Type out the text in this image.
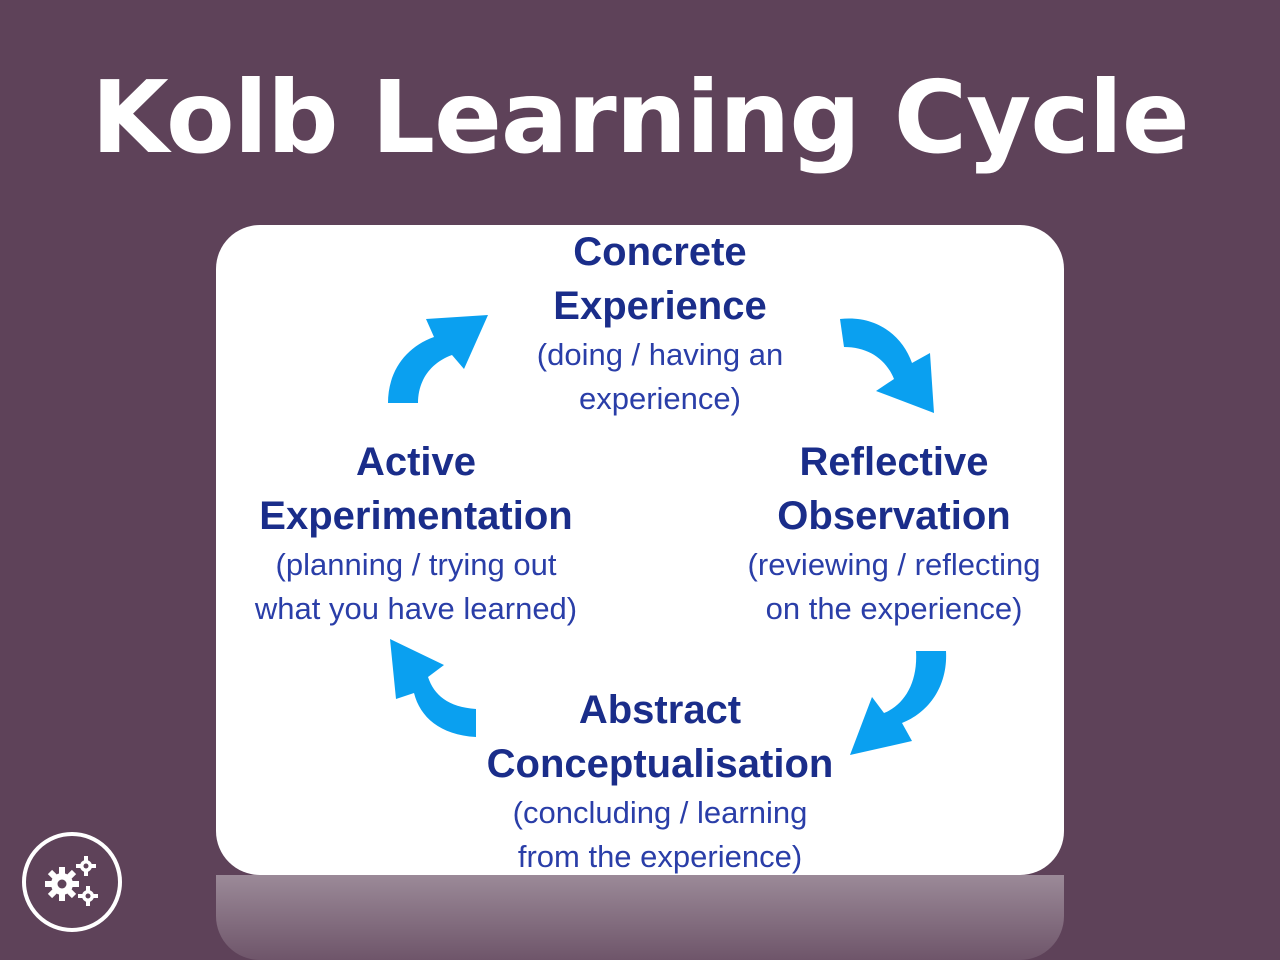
Kolb Learning Cycle
Concrete
Experience
(doing / having an
experience)
Reflective
Observation
(reviewing / reflecting
on the experience)
Abstract
Conceptualisation
(concluding / learning
from the experience)
Active
Experimentation
(planning / trying out
what you have learned)
